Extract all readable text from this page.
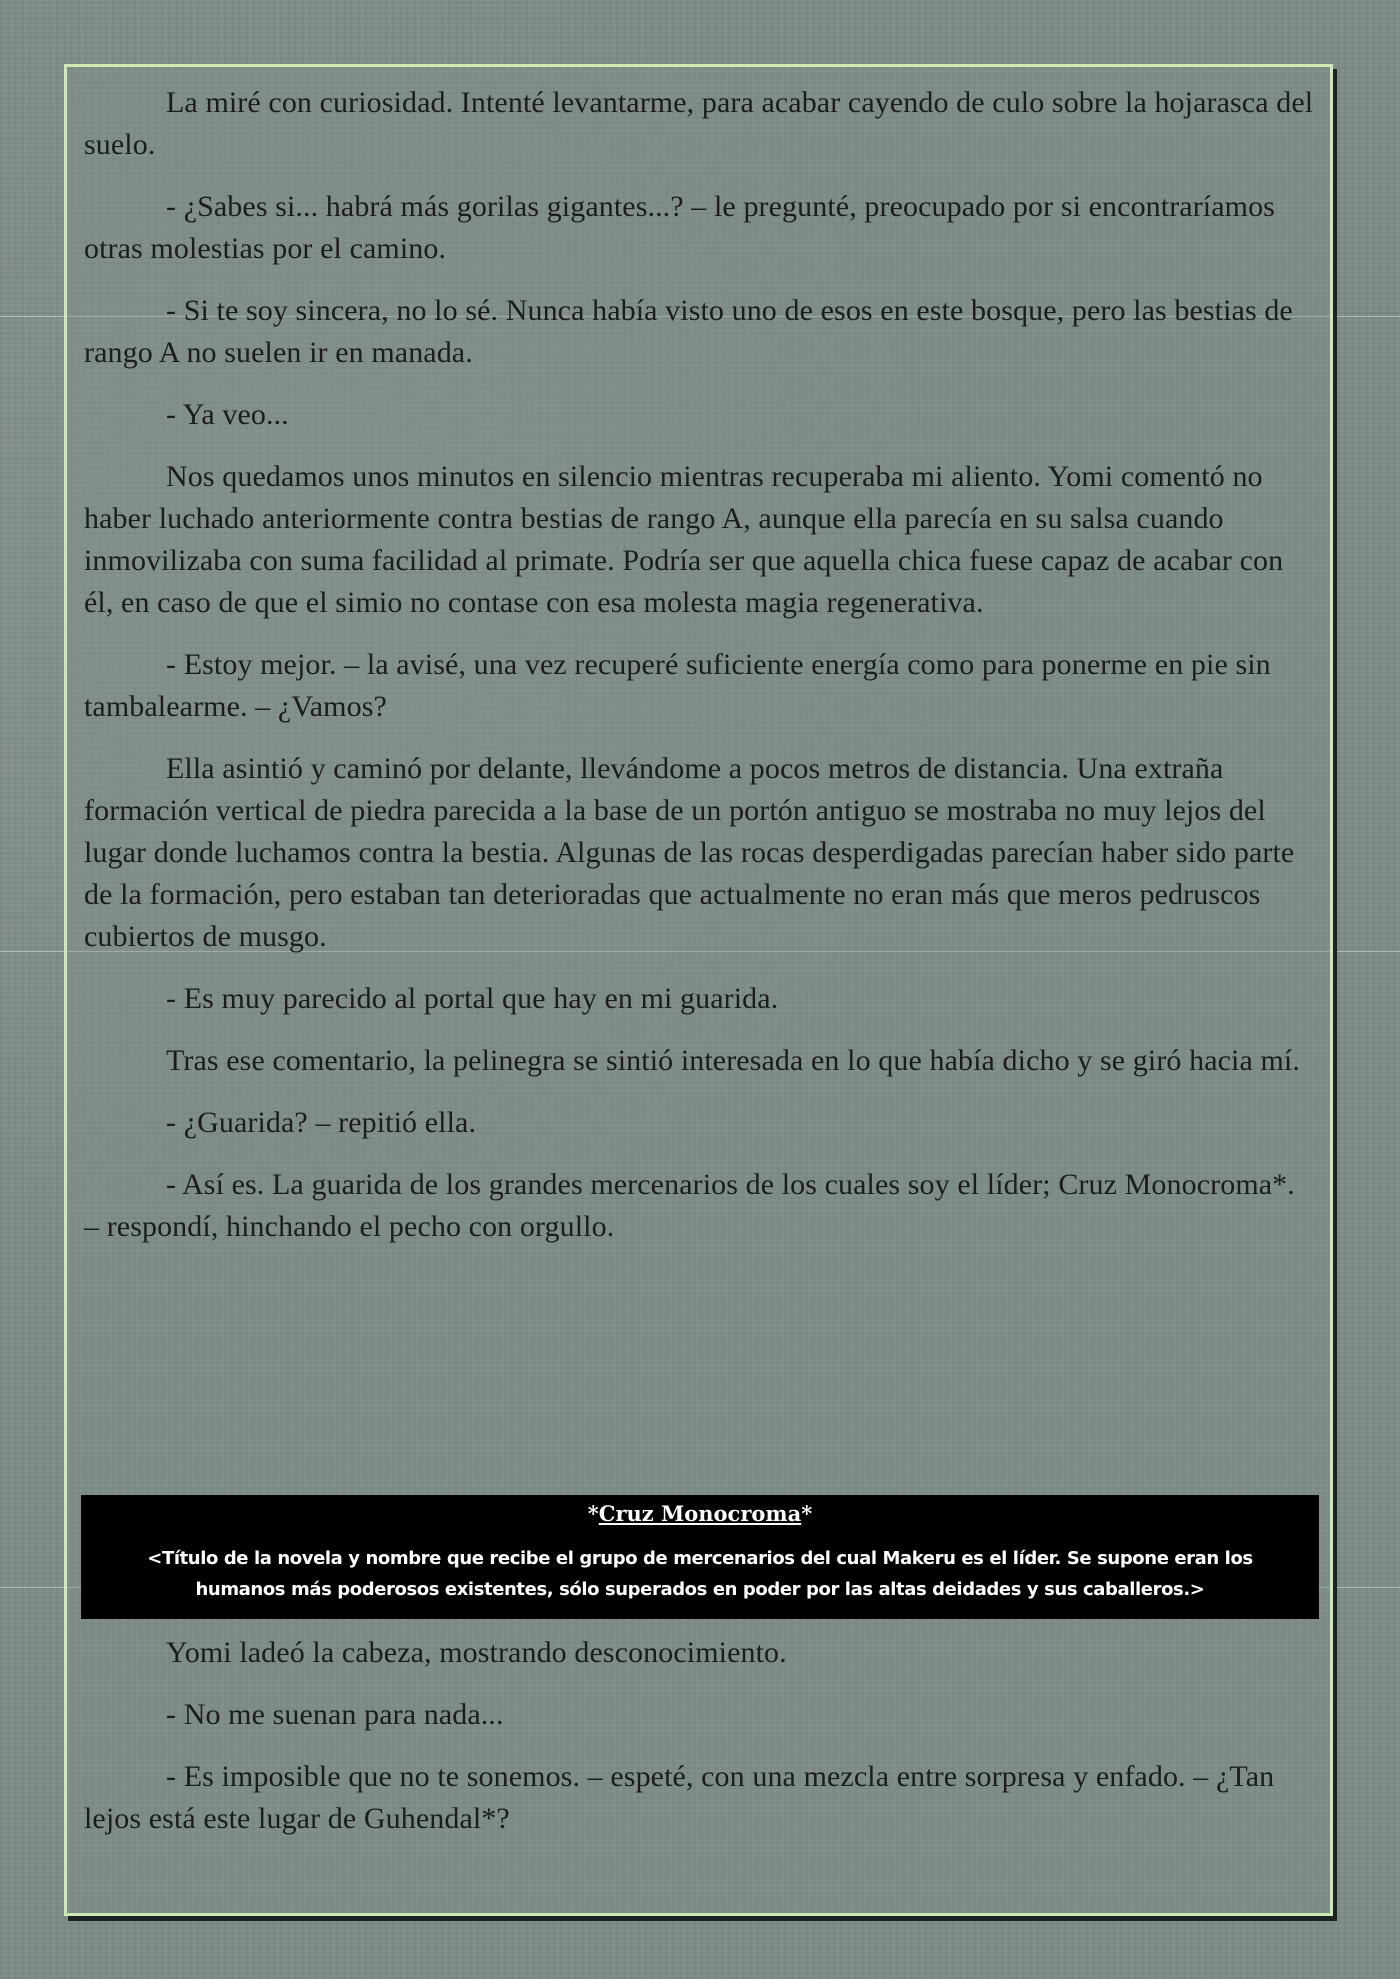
La miré con curiosidad. Intenté levantarme, para acabar cayendo de culo sobre la hojarasca del suelo.

- ¿Sabes si... habrá más gorilas gigantes...? – le pregunté, preocupado por si encontraríamos otras molestias por el camino.

- Si te soy sincera, no lo sé. Nunca había visto uno de esos en este bosque, pero las bestias de rango A no suelen ir en manada.

- Ya veo...

Nos quedamos unos minutos en silencio mientras recuperaba mi aliento. Yomi comentó no haber luchado anteriormente contra bestias de rango A, aunque ella parecía en su salsa cuando inmovilizaba con suma facilidad al primate. Podría ser que aquella chica fuese capaz de acabar con él, en caso de que el simio no contase con esa molesta magia regenerativa.

- Estoy mejor. – la avisé, una vez recuperé suficiente energía como para ponerme en pie sin tambalearme. – ¿Vamos?

Ella asintió y caminó por delante, llevándome a pocos metros de distancia. Una extraña formación vertical de piedra parecida a la base de un portón antiguo se mostraba no muy lejos del lugar donde luchamos contra la bestia. Algunas de las rocas desperdigadas parecían haber sido parte de la formación, pero estaban tan deterioradas que actualmente no eran más que meros pedruscos cubiertos de musgo.

- Es muy parecido al portal que hay en mi guarida.

Tras ese comentario, la pelinegra se sintió interesada en lo que había dicho y se giró hacia mí.

- ¿Guarida? – repitió ella.

- Así es. La guarida de los grandes mercenarios de los cuales soy el líder; Cruz Monocroma*. – respondí, hinchando el pecho con orgullo.

*Cruz Monocroma*
<Título de la novela y nombre que recibe el grupo de mercenarios del cual Makeru es el líder. Se supone eran los humanos más poderosos existentes, sólo superados en poder por las altas deidades y sus caballeros.>

Yomi ladeó la cabeza, mostrando desconocimiento.

- No me suenan para nada...

- Es imposible que no te sonemos. – espeté, con una mezcla entre sorpresa y enfado. – ¿Tan lejos está este lugar de Guhendal*?
